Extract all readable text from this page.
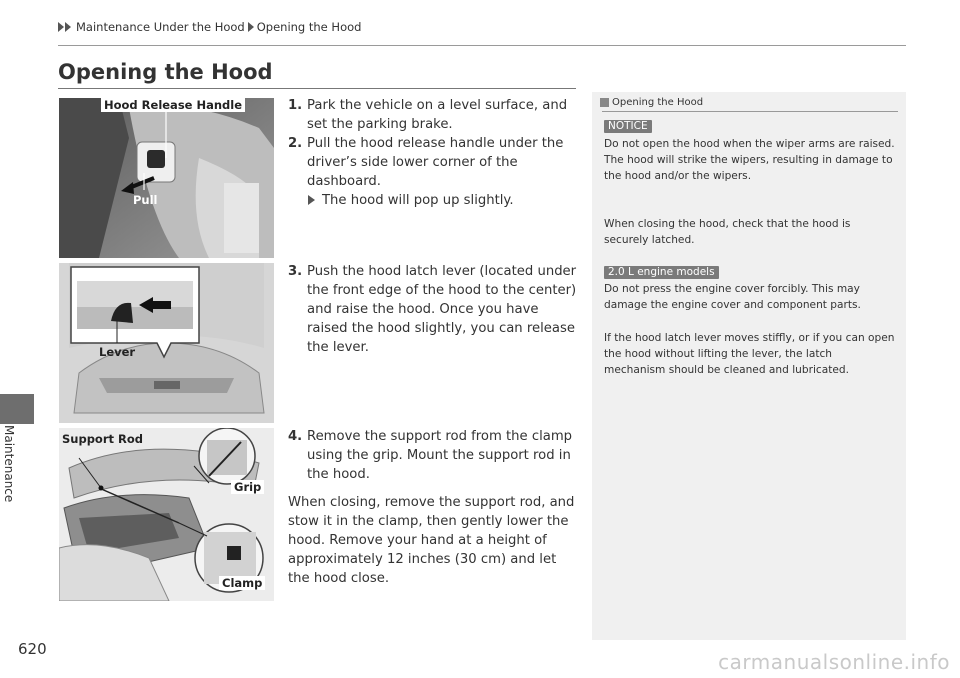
Maintenance Under the Hood Opening the Hood
Maintenance
Opening the Hood
Hood Release Handle
Pull
Lever
Support Rod
Grip
Clamp
1. Park the vehicle on a level surface, and set the parking brake.
2. Pull the hood release handle under the driver’s side lower corner of the dashboard.
The hood will pop up slightly.
3. Push the hood latch lever (located under the front edge of the hood to the center) and raise the hood. Once you have raised the hood slightly, you can release the lever.
4. Remove the support rod from the clamp using the grip. Mount the support rod in the hood.
When closing, remove the support rod, and stow it in the clamp, then gently lower the hood. Remove your hand at a height of approximately 12 inches (30 cm) and let the hood close.
Opening the Hood
NOTICE
Do not open the hood when the wiper arms are raised.
The hood will strike the wipers, resulting in damage to the hood and/or the wipers.
When closing the hood, check that the hood is securely latched.
2.0 L engine models
Do not press the engine cover forcibly. This may damage the engine cover and component parts.
If the hood latch lever moves stiffly, or if you can open the hood without lifting the lever, the latch mechanism should be cleaned and lubricated.
620
carmanualsonline.info
